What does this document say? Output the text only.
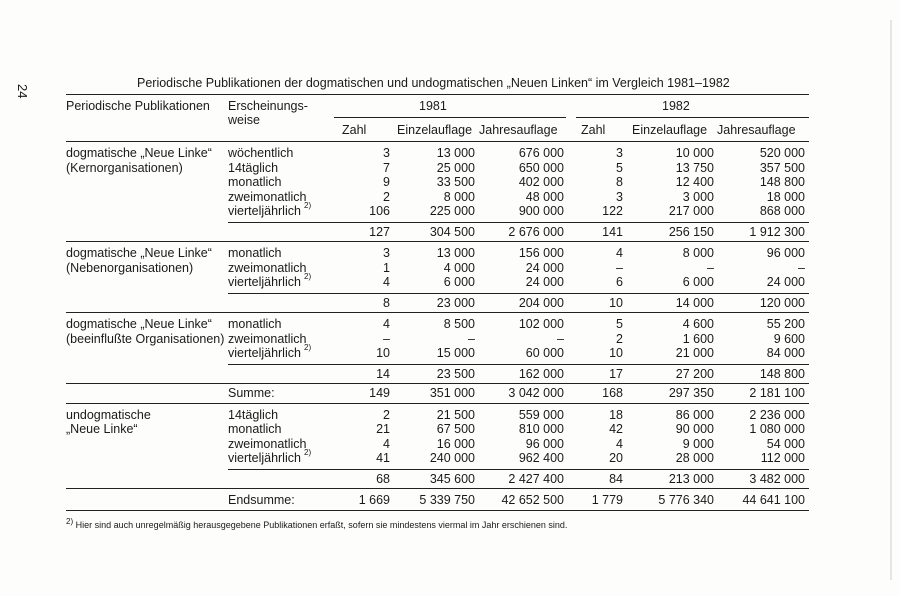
24
Periodische Publikationen der dogmatischen und undogmatischen „Neuen Linken“ im Vergleich 1981–1982
Periodische Publikationen Erscheinungs-
weise
1981	1982
Zahl Einzelauflage Jahresauflage Zahl Einzelauflage Jahresauflage
dogmatische „Neue Linke“
(Kernorganisationen)
wöchentlich	3	13 000	676 000	3	10 000	520 000
14täglich	7	25 000	650 000	5	13 750	357 500
monatlich	9	33 500	402 000	8	12 400	148 800
zweimonatlich	2	8 000	48 000	3	3 000	18 000
vierteljährlich 2)	106	225 000	900 000	122	217 000	868 000
127	304 500	2 676 000	141	256 150	1 912 300
dogmatische „Neue Linke“
(Nebenorganisationen)
monatlich	3	13 000	156 000	4	8 000	96 000
zweimonatlich	1	4 000	24 000	–	–	–
vierteljährlich 2)	4	6 000	24 000	6	6 000	24 000
8	23 000	204 000	10	14 000	120 000
dogmatische „Neue Linke“
(beeinflußte Organisationen)
monatlich	4	8 500	102 000	5	4 600	55 200
zweimonatlich	–	–	–	2	1 600	9 600
vierteljährlich 2)	10	15 000	60 000	10	21 000	84 000
14	23 500	162 000	17	27 200	148 800
Summe:	149	351 000	3 042 000	168	297 350	2 181 100
undogmatische
„Neue Linke“
14täglich	2	21 500	559 000	18	86 000	2 236 000
monatlich	21	67 500	810 000	42	90 000	1 080 000
zweimonatlich	4	16 000	96 000	4	9 000	54 000
vierteljährlich 2)	41	240 000	962 400	20	28 000	112 000
68	345 600	2 427 400	84	213 000	3 482 000
Endsumme:	1 669	5 339 750	42 652 500	1 779	5 776 340	44 641 100
2) Hier sind auch unregelmäßig herausgegebene Publikationen erfaßt, sofern sie mindestens viermal im Jahr erschienen sind.
